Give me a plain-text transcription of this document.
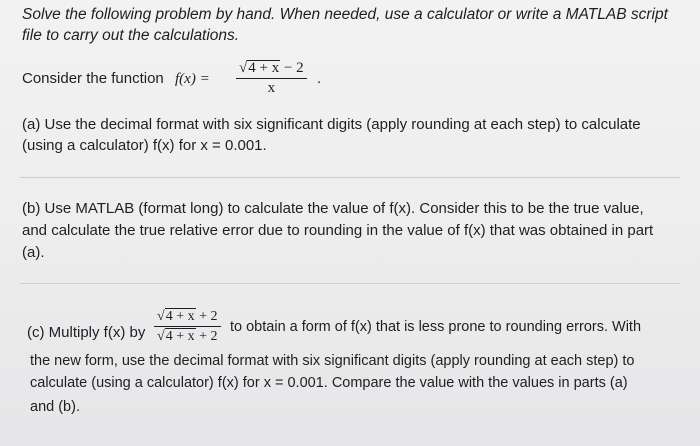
Solve the following problem by hand. When needed, use a calculator or write a MATLAB script
file to carry out the calculations.
Consider the function $f(x) = \frac{√4 + x - 2}{x}$ .
(a) Use the decimal format with six significant digits (apply rounding at each step) to calculate
(using a calculator) f(x) for x = 0.001.
(b) Use MATLAB (format long) to calculate the value of f(x). Consider this to be the true value,
and calculate the true relative error due to rounding in the value of f(x) that was obtained in part
(a).
(c) Multiply f(x) by $\frac{√4 + x + 2}{√4 + x + 2}$ to obtain a form of f(x) that is less prone to rounding errors. With
the new form, use the decimal format with six significant digits (apply rounding at each step) to
calculate (using a calculator) f(x) for x = 0.001. Compare the value with the values in parts (a)
and (b).
